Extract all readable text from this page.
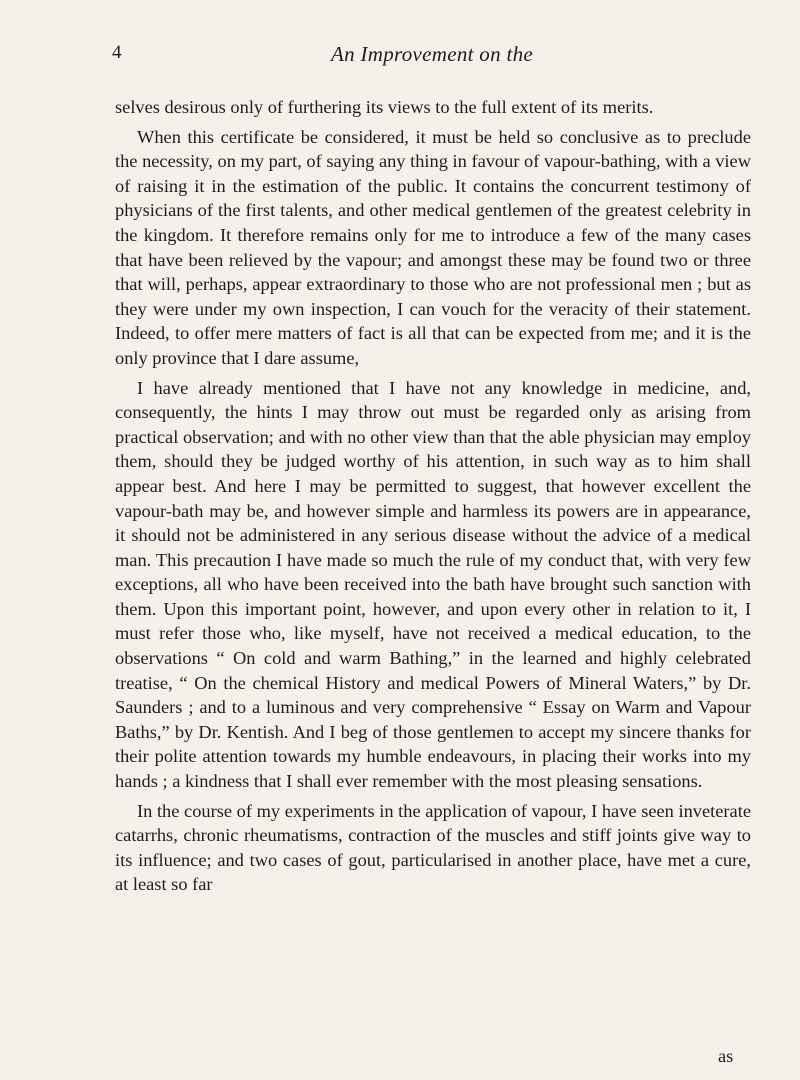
4	An Improvement on the

selves desirous only of furthering its views to the full extent of its merits.

When this certificate be considered, it must be held so conclusive as to preclude the necessity, on my part, of saying any thing in favour of vapour-bathing, with a view of raising it in the estimation of the public. It contains the concurrent testimony of physicians of the first talents, and other medical gentlemen of the greatest celebrity in the kingdom. It therefore remains only for me to introduce a few of the many cases that have been relieved by the vapour; and amongst these may be found two or three that will, perhaps, appear extraordinary to those who are not professional men ; but as they were under my own inspection, I can vouch for the veracity of their statement. Indeed, to offer mere matters of fact is all that can be expected from me; and it is the only province that I dare assume,

I have already mentioned that I have not any knowledge in medicine, and, consequently, the hints I may throw out must be regarded only as arising from practical observation; and with no other view than that the able physician may employ them, should they be judged worthy of his attention, in such way as to him shall appear best. And here I may be permitted to suggest, that however excellent the vapour-bath may be, and however simple and harmless its powers are in appearance, it should not be administered in any serious disease without the advice of a medical man. This precaution I have made so much the rule of my conduct that, with very few exceptions, all who have been received into the bath have brought such sanction with them. Upon this important point, however, and upon every other in relation to it, I must refer those who, like myself, have not received a medical education, to the observations “ On cold and warm Bathing,” in the learned and highly celebrated treatise, “ On the chemical History and medical Powers of Mineral Waters,” by Dr. Saunders ; and to a luminous and very comprehensive “ Essay on Warm and Vapour Baths,” by Dr. Kentish. And I beg of those gentlemen to accept my sincere thanks for their polite attention towards my humble endeavours, in placing their works into my hands ; a kindness that I shall ever remember with the most pleasing sensations.

In the course of my experiments in the application of vapour, I have seen inveterate catarrhs, chronic rheumatisms, contraction of the muscles and stiff joints give way to its influence; and two cases of gout, particularised in another place, have met a cure, at least so far

as
